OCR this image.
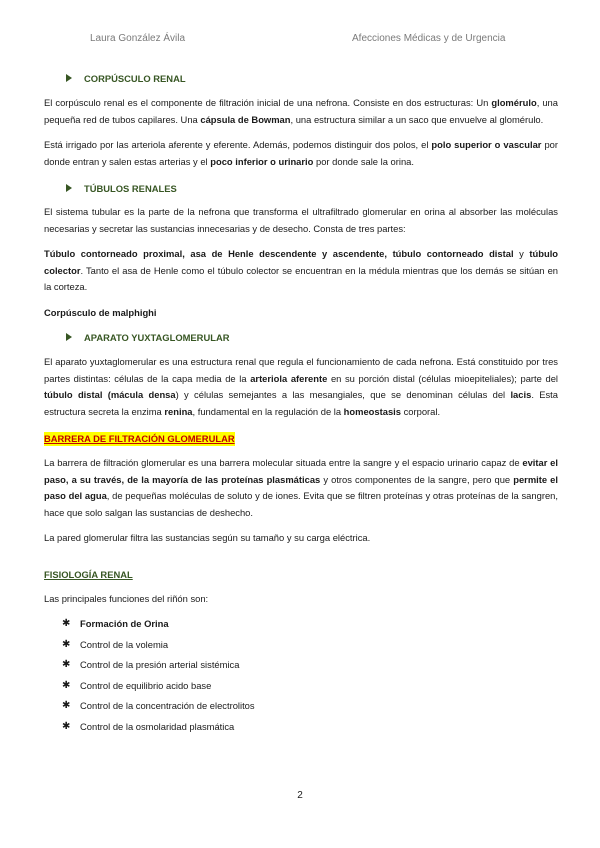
Laura González Ávila	Afecciones Médicas y de Urgencia
CORPÚSCULO RENAL

El corpúsculo renal es el componente de filtración inicial de una nefrona. Consiste en dos estructuras: Un glomérulo, una pequeña red de tubos capilares. Una cápsula de Bowman, una estructura similar a un saco que envuelve al glomérulo.

Está irrigado por las arteriola aferente y eferente. Además, podemos distinguir dos polos, el polo superior o vascular por donde entran y salen estas arterias y el poco inferior o urinario por donde sale la orina.

TÚBULOS RENALES

El sistema tubular es la parte de la nefrona que transforma el ultrafiltrado glomerular en orina al absorber las moléculas necesarias y secretar las sustancias innecesarias y de desecho. Consta de tres partes:

Túbulo contorneado proximal, asa de Henle descendente y ascendente, túbulo contorneado distal y túbulo colector. Tanto el asa de Henle como el túbulo colector se encuentran en la médula mientras que los demás se sitúan en la corteza.

Corpúsculo de malphighi

APARATO YUXTAGLOMERULAR

El aparato yuxtaglomerular es una estructura renal que regula el funcionamiento de cada nefrona. Está constituido por tres partes distintas: células de la capa media de la arteriola aferente en su porción distal (células mioepiteliales); parte del túbulo distal (mácula densa) y células semejantes a las mesangiales, que se denominan células del lacis. Esta estructura secreta la enzima renina, fundamental en la regulación de la homeostasis corporal.

BARRERA DE FILTRACIÓN GLOMERULAR

La barrera de filtración glomerular es una barrera molecular situada entre la sangre y el espacio urinario capaz de evitar el paso, a su través, de la mayoría de las proteínas plasmáticas y otros componentes de la sangre, pero que permite el paso del agua, de pequeñas moléculas de soluto y de iones. Evita que se filtren proteínas y otras proteínas de la sangren, hace que solo salgan las sustancias de deshecho.

La pared glomerular filtra las sustancias según su tamaño y su carga eléctrica.

FISIOLOGÍA RENAL

Las principales funciones del riñón son:

✱ Formación de Orina
✱ Control de la volemia
✱ Control de la presión arterial sistémica
✱ Control de equilibrio acido base
✱ Control de la concentración de electrolitos
✱ Control de la osmolaridad plasmática
2
